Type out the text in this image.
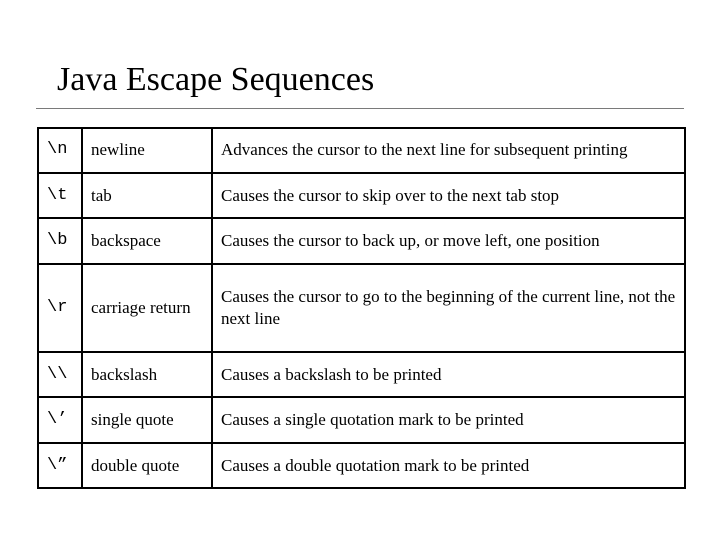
Java Escape Sequences
\n	newline	Advances the cursor to the next line for subsequent printing
\t	tab	Causes the cursor to skip over to the next tab stop
\b	backspace	Causes the cursor to back up, or move left, one position
\r	carriage return	Causes the cursor to go to the beginning of the current line, not the next line
\\	backslash	Causes a backslash to be printed
\’	single quote	Causes a single quotation mark to be printed
\”	double quote	Causes a double quotation mark to be printed
